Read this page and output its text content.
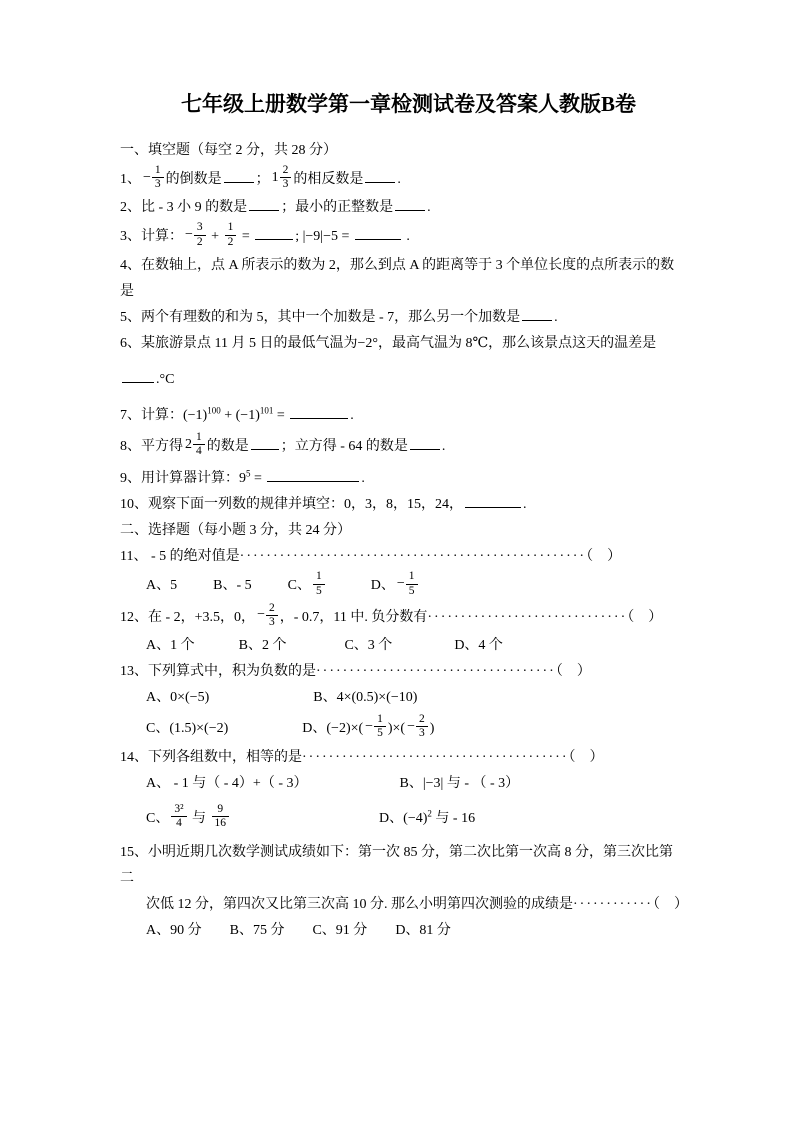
七年级上册数学第一章检测试卷及答案人教版B卷
一、填空题（每空 2 分，共 28 分）
1、 − $\frac{1}{3}$ 的倒数是 ； $1 \frac{2}{3}$ 的相反数是 .
2、比 - 3 小 9 的数是 ；最小的正整数是 .
3、计算： − $\frac{3}{2} + \frac{1}{2}$ =	; |−9|−5 =	.
4、在数轴上，点 A 所表示的数为 2，那么到点 A 的距离等于 3 个单位长度的点所表示的数
是
5、两个有理数的和为 5，其中一个加数是 - 7，那么另一个加数是 .
6、某旅游景点 11 月 5 日的最低气温为−2°，最高气温为 8℃，那么该景点这天的温差是
.°C
7、计算：$(-1)^{100} + (-1)^{101}$ =	.
8、平方得 $2 \frac{1}{4}$ 的数是 ；立方得 - 64 的数是 .
9、用计算器计算：$9^5$ =	.
10、观察下面一列数的规律并填空：0，3，8，15，24，	.
二、选择题（每小题 3 分，共 24 分）
11、 - 5 的绝对值是····················································（　）
A、5	B、- 5	C、 $\frac{1}{5}$	D、 − $\frac{1}{5}$
12、在 - 2，+3.5，0， − $\frac{2}{3}$ ，- 0.7，11 中. 负分数有······························（　）
A、1 个	B、2 个	C、3 个	D、4 个
13、下列算式中，积为负数的是····································（　）
A、0×(−5)	B、4×(0.5)×(−10)
C、(1.5)×(−2)	D、$(-2)\times( - \frac{1}{5}$ )×( − $\frac{2}{3}$ )
14、下列各组数中，相等的是········································（　）
A、 - 1 与（ - 4）+（ - 3）	B、|−3| 与 - （ - 3）
C、 $\frac{\text{3²}}{4}$ 与 $\frac{9}{16}$	D、$(-4)^2$ 与 - 16
15、小明近期几次数学测试成绩如下：第一次 85 分，第二次比第一次高 8 分，第三次比第
二
次低 12 分，第四次又比第三次高 10 分. 那么小明第四次测验的成绩是············（　）
A、90 分 B、75 分 C、91 分 D、81 分
